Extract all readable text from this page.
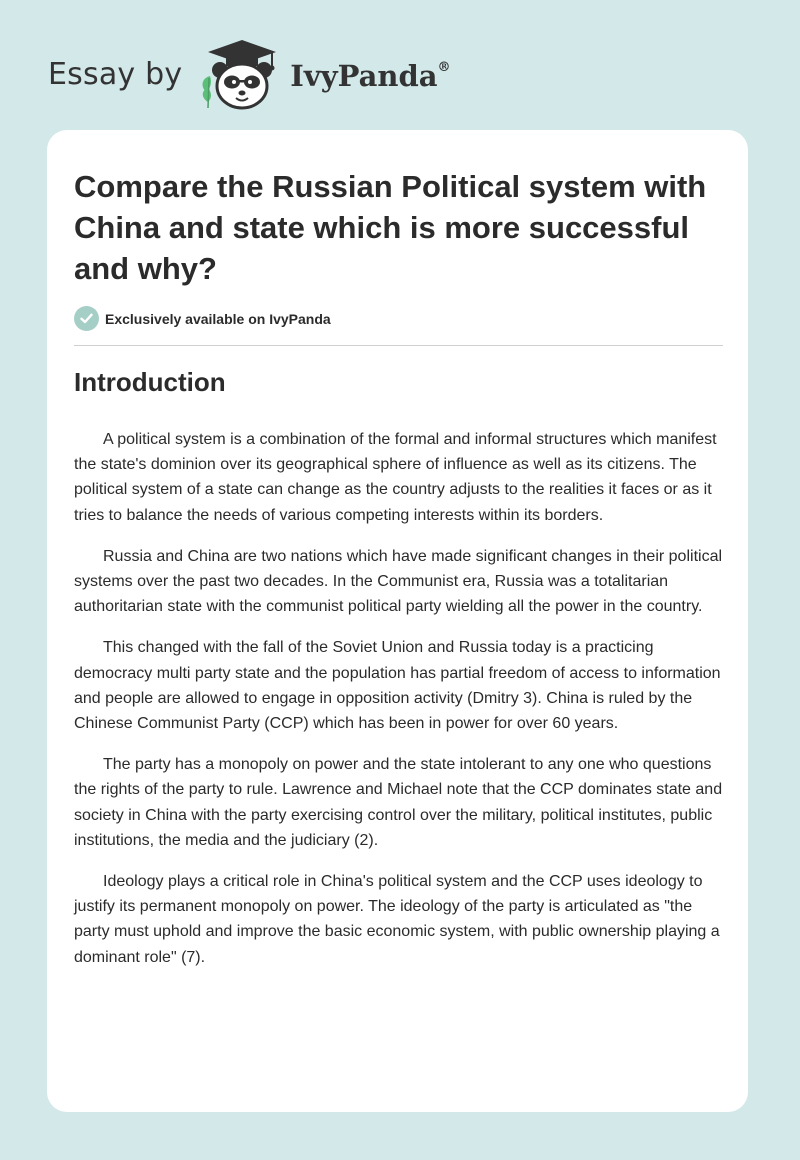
Essay by	IvyPanda®
Compare the Russian Political system with China and state which is more successful and why?
Exclusively available on IvyPanda
Introduction

A political system is a combination of the formal and informal structures which manifest the state's dominion over its geographical sphere of influence as well as its citizens. The political system of a state can change as the country adjusts to the realities it faces or as it tries to balance the needs of various competing interests within its borders.

Russia and China are two nations which have made significant changes in their political systems over the past two decades. In the Communist era, Russia was a totalitarian authoritarian state with the communist political party wielding all the power in the country.

This changed with the fall of the Soviet Union and Russia today is a practicing democracy multi party state and the population has partial freedom of access to information and people are allowed to engage in opposition activity (Dmitry 3). China is ruled by the Chinese Communist Party (CCP) which has been in power for over 60 years.

The party has a monopoly on power and the state intolerant to any one who questions the rights of the party to rule. Lawrence and Michael note that the CCP dominates state and society in China with the party exercising control over the military, political institutes, public institutions, the media and the judiciary (2).

Ideology plays a critical role in China's political system and the CCP uses ideology to justify its permanent monopoly on power. The ideology of the party is articulated as "the party must uphold and improve the basic economic system, with public ownership playing a dominant role" (7).
